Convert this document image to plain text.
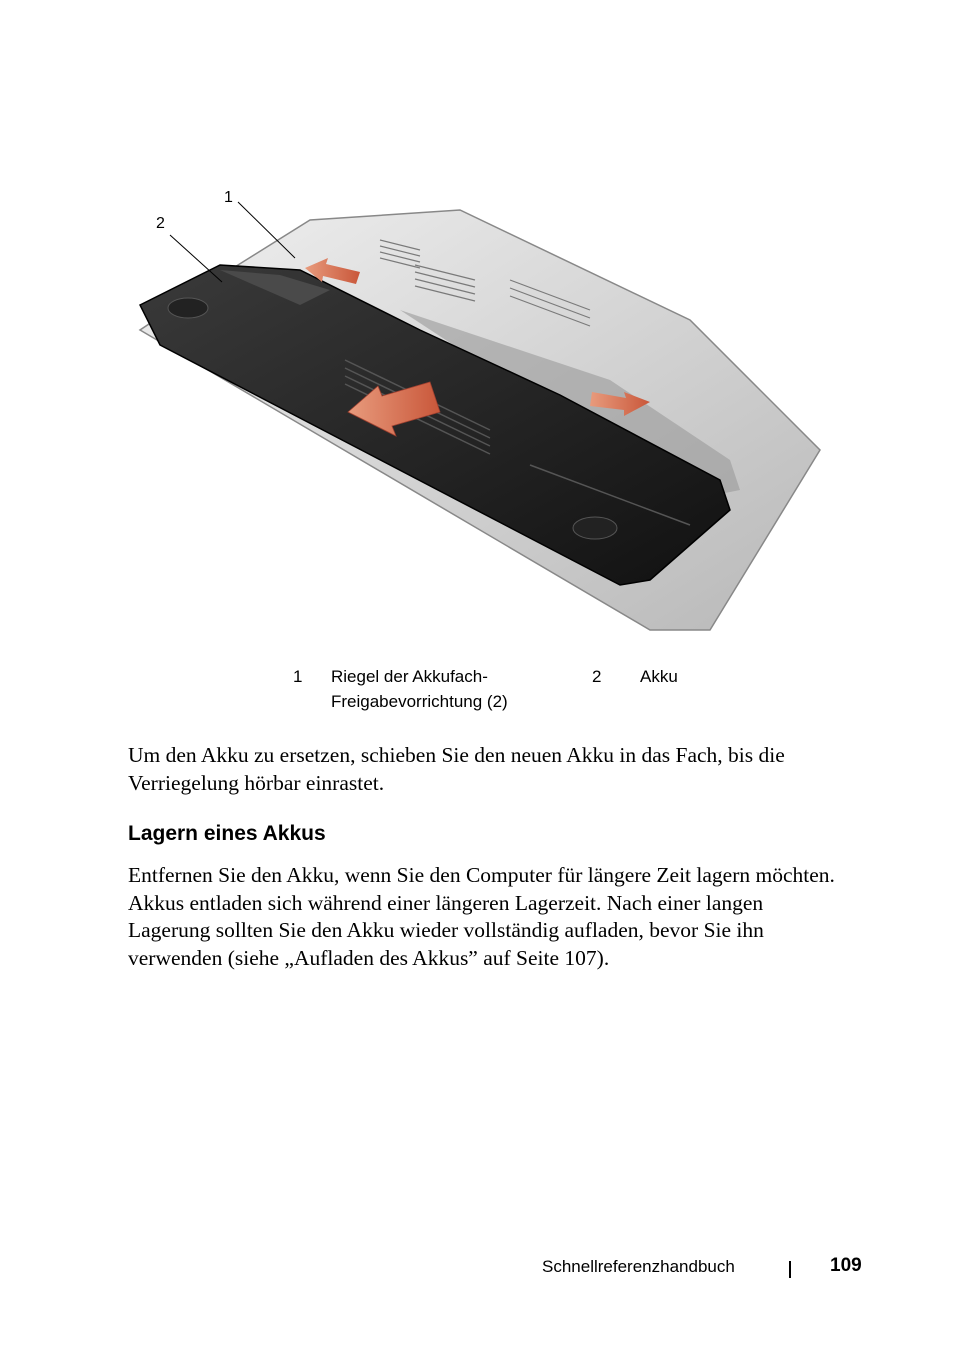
1
2
1 Riegel der Akkufach-
Freigabevorrichtung (2)
2 Akku

Um den Akku zu ersetzen, schieben Sie den neuen Akku in das Fach, bis die Verriegelung hörbar einrastet.

Lagern eines Akkus

Entfernen Sie den Akku, wenn Sie den Computer für längere Zeit lagern möchten. Akkus entladen sich während einer längeren Lagerzeit. Nach einer langen Lagerung sollten Sie den Akku wieder vollständig aufladen, bevor Sie ihn verwenden (siehe „Aufladen des Akkus” auf Seite 107).

Schnellreferenzhandbuch	109
